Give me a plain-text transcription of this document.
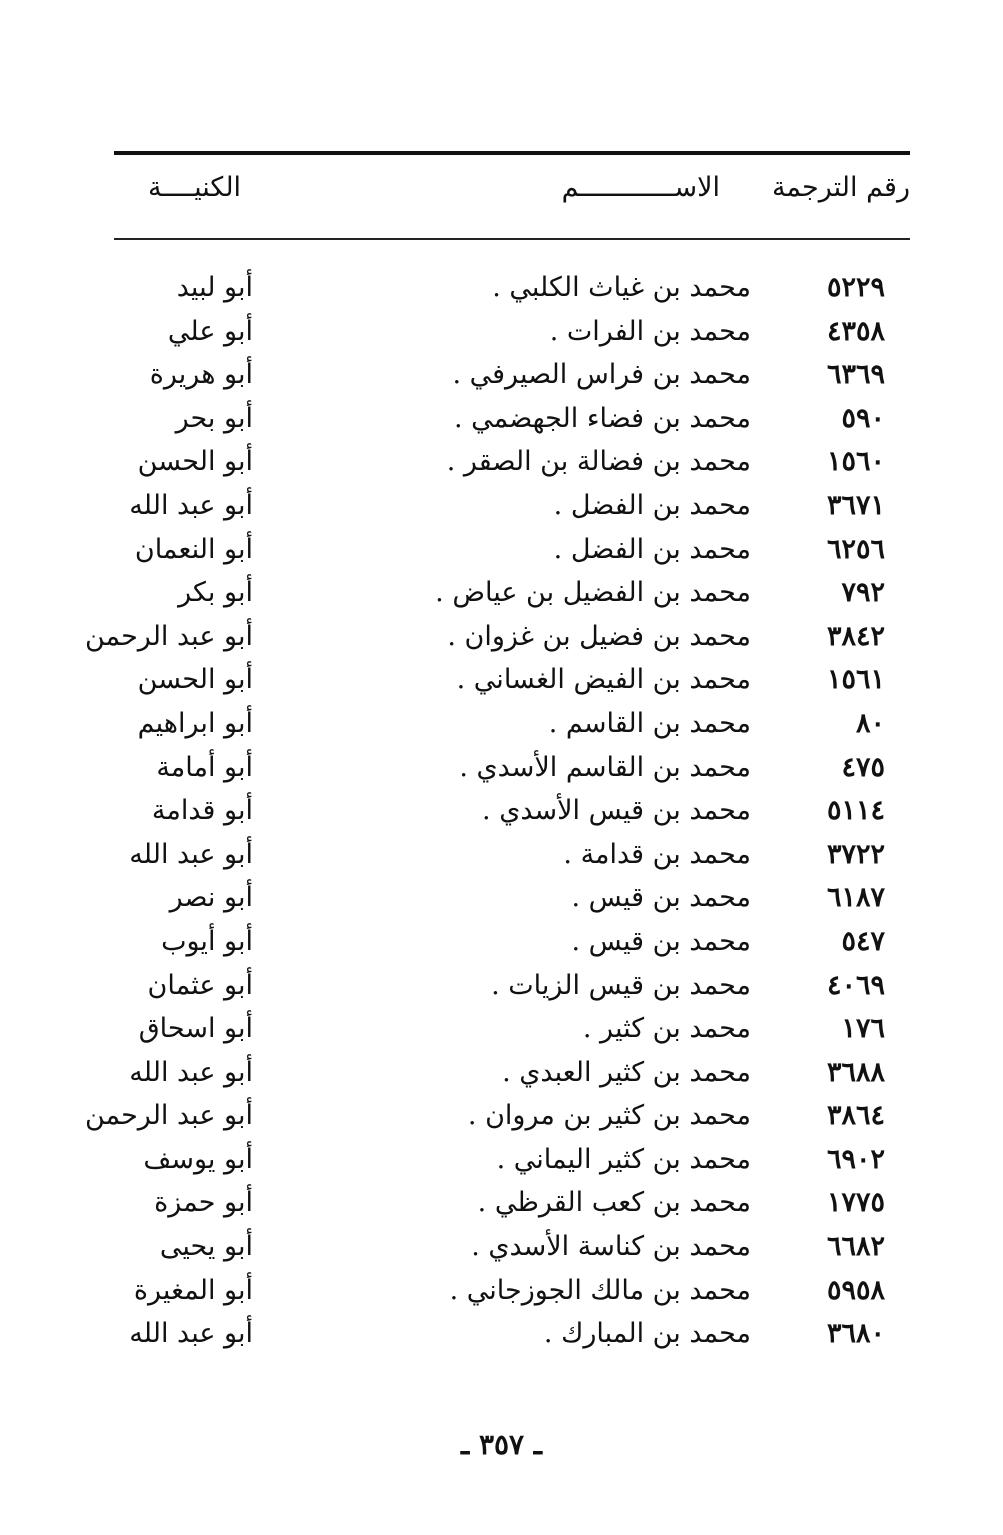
رقم الترجمة
الاســــــــــــم
الكنيــــة
٥٢٢٩
محمد بن غياث الكلبي .
أبو لبيد
٤٣٥٨
محمد بن الفرات .
أبو علي
٦٣٦٩
محمد بن فراس الصيرفي .
أبو هريرة
٥٩٠
محمد بن فضاء الجهضمي .
أبو بحر
١٥٦٠
محمد بن فضالة بن الصقر .
أبو الحسن
٣٦٧١
محمد بن الفضل .
أبو عبد الله
٦٢٥٦
محمد بن الفضل .
أبو النعمان
٧٩٢
محمد بن الفضيل بن عياض .
أبو بكر
٣٨٤٢
محمد بن فضيل بن غزوان .
أبو عبد الرحمن
١٥٦١
محمد بن الفيض الغساني .
أبو الحسن
٨٠
محمد بن القاسم .
أبو ابراهيم
٤٧٥
محمد بن القاسم الأسدي .
أبو أمامة
٥١١٤
محمد بن قيس الأسدي .
أبو قدامة
٣٧٢٢
محمد بن قدامة .
أبو عبد الله
٦١٨٧
محمد بن قيس .
أبو نصر
٥٤٧
محمد بن قيس .
أبو أيوب
٤٠٦٩
محمد بن قيس الزيات .
أبو عثمان
١٧٦
محمد بن كثير .
أبو اسحاق
٣٦٨٨
محمد بن كثير العبدي .
أبو عبد الله
٣٨٦٤
محمد بن كثير بن مروان .
أبو عبد الرحمن
٦٩٠٢
محمد بن كثير اليماني .
أبو يوسف
١٧٧٥
محمد بن كعب القرظي .
أبو حمزة
٦٦٨٢
محمد بن كناسة الأسدي .
أبو يحيى
٥٩٥٨
محمد بن مالك الجوزجاني .
أبو المغيرة
٣٦٨٠
محمد بن المبارك .
أبو عبد الله
ـ ٣٥٧ ـ
